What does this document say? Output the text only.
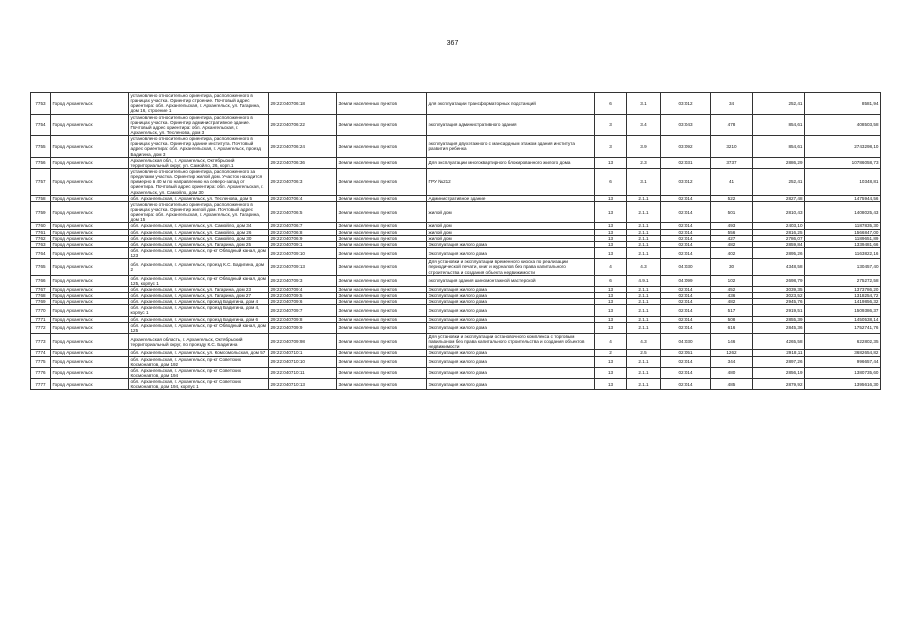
367
7753	Город Архангельск	установлено относительно ориентира, расположенного в границах участка. Ориентир строение. Почтовый адрес ориентира: обл. Архангельская, г. Архангельск, ул. Гагарина, дом 16, строение 1	29:22:040706:18	Земли населенных пунктов	для эксплуатации трансформаторных подстанций	6	3.1	03:012	34	252,41	8581,94
7754	Город Архангельск	установлено относительно ориентира, расположенного в границах участка. Ориентир административное здание. Почтовый адрес ориентира: обл. Архангельская, г. Архангельск, ул. Тесленова, дом 3	29:22:040706:22	Земли населенных пунктов	эксплуатация административного здания	3	3.4	03:043	478	854,61	408503,58
7755	Город Архангельск	установлено относительно ориентира, расположенного в границах участка. Ориентир здание института. Почтовый адрес ориентира: обл. Архангельская, г. Архангельск, проезд Бадигина, дом 3	29:22:040706:24	Земли населенных пунктов	эксплуатация двухэтажного с мансардным этажом здания института развития ребенка	3	3.9	03:092	3210	854,61	2743298,10
7756	Город Архангельск	Архангельская обл., г. Архангельск, Октябрьский территориальный округ, ул. Самойло, 26, корп.1	29:22:040706:36	Земли населенных пунктов	Для эксплуатации многоквартирного блокированного жилого дома	13	2.3	02:031	3737	2886,29	10786058,73
7757	Город Архангельск	установлено относительно ориентира, расположенного за пределами участка. Ориентир жилой дом. Участок находится примерно в 40 м по направлению на северо-запад от ориентира. Почтовый адрес ориентира: обл. Архангельская, г. Архангельск, ул. Самойло, дом 30	29:22:040706:3	Земли населенных пунктов	ГРУ №212	6	3.1	03:012	41	252,41	10348,81
7758	Город Архангельск	обл. Архангельская, г. Архангельск, ул. Тесленова, дом 5	29:22:040706:4	Земли населенных пунктов	Административное здание	13	2.1.1	02:014	522	2827,48	1475944,56
7759	Город Архангельск	установлено относительно ориентира, расположенного в границах участка. Ориентир жилой дом. Почтовый адрес ориентира: обл. Архангельская, г. Архангельск, ул. Гагарина, дом 15	29:22:040706:5	Земли населенных пунктов	жилой дом	13	2.1.1	02:014	501	2810,43	1408025,43
7760	Город Архангельск	обл. Архангельская, г. Архангельск, ул. Самойло, дом 34	29:22:040706:7	Земли населенных пунктов	жилой дом	13	2.1.1	02:014	493	2403,10	1187835,30
7761	Город Архангельск	обл. Архангельская, г. Архангельск, ул. Самойло, дом 26	29:22:040706:8	Земли населенных пунктов	жилой дом	13	2.1.1	02:014	556	2816,25	1566847,00
7762	Город Архангельск	обл. Архангельская, г. Архангельск, ул. Самойло, дом 30	29:22:040706:9	Земли населенных пунктов	жилой дом	13	2.1.1	02:014	427	2786,07	1189651,89
7763	Город Архангельск	обл. Архангельская, г. Архангельск, ул. Гагарина, дом 25	29:22:040709:1	Земли населенных пунктов	Эксплуатация жилого дома	13	2.1.1	02:014	482	2859,84	1339481,66
7764	Город Архангельск	обл. Архангельская, г. Архангельск, пр-кт Обводный канал, дом 123	29:22:040709:10	Земли населенных пунктов	Эксплуатация жилого дома	13	2.1.1	02:014	402	2895,26	1163822,16
7765	Город Архангельск	обл. Архангельская, г. Архангельск, проезд К.С. Бадигина, дом 2	29:22:040709:13	Земли населенных пунктов	Для установки и эксплуатации временного киоска по реализации периодической печати, книг и журналов без права капитального строительства и создания объекта недвижимости	4	4.3	04:030	30	4348,58	130457,40
7766	Город Архангельск	обл. Архангельская, г. Архангельск, пр-кт Обводный канал, дом 125, корпус 1	29:22:040709:3	Земли населенных пунктов	эксплуатация здания шиномонтажной мастерской	6	4.9.1	04:099	102	2698,79	275272,58
7767	Город Архангельск	обл. Архангельская, г. Архангельск, ул. Гагарина, дом 23	29:22:040709:4	Земли населенных пунктов	Эксплуатация жилого дома	13	2.1.1	02:014	452	3039,35	1373786,20
7768	Город Архангельск	обл. Архангельская, г. Архангельск, ул. Гагарина, дом 27	29:22:040709:5	Земли населенных пунктов	Эксплуатация жилого дома	13	2.1.1	02:014	436	3023,52	1318254,72
7769	Город Архангельск	обл. Архангельская, г. Архангельск, проезд Бадигина, дом 4	29:22:040709:6	Земли населенных пунктов	Эксплуатация жилого дома	13	2.1.1	02:014	482	2945,76	1419856,32
7770	Город Архангельск	обл. Архангельская, г. Архангельск, проезд Бадигина, дом 4, корпус 1	29:22:040709:7	Земли населенных пунктов	Эксплуатация жилого дома	13	2.1.1	02:014	517	2919,51	1509386,37
7771	Город Архангельск	обл. Архангельская, г. Архангельск, проезд Бадигина, дом 6	29:22:040709:8	Земли населенных пунктов	Эксплуатация жилого дома	13	2.1.1	02:014	508	2855,39	1450538,14
7772	Город Архангельск	обл. Архангельская, г. Архангельск, пр-кт Обводный канал, дом 125	29:22:040709:9	Земли населенных пунктов	Эксплуатация жилого дома	13	2.1.1	02:014	616	2845,36	1752741,76
7773	Город Архангельск	Архангельская область, г. Архангельск, Октябрьский территориальный округ, по проезду К.С. Бадигина	29:22:040709:98	Земли населенных пунктов	Для установки и эксплуатации остановочного комплекса с торговым павильоном без права капитального строительства и создания объектов недвижимости	4	4.3	04:030	146	4265,58	622802,35
7774	Город Архангельск	обл. Архангельская, г. Архангельск, ул. Комсомольская, дом 57	29:22:040710:1	Земли населенных пунктов	Эксплуатация жилого дома	2	2.5	02:051	1262	2918,11	3682654,82
7775	Город Архангельск	обл. Архангельская, г. Архангельск, пр-кт Советских Космонавтов, дом 192	29:22:040710:10	Земли населенных пунктов	Эксплуатация жилого дома	13	2.1.1	02:014	344	2897,26	996657,44
7776	Город Архангельск	обл. Архангельская, г. Архангельск, пр-кт Советских Космонавтов, дом 194	29:22:040710:11	Земли населенных пунктов	Эксплуатация жилого дома	13	2.1.1	02:014	480	2856,19	1380735,60
7777	Город Архангельск	обл. Архангельская, г. Архангельск, пр-кт Советских Космонавтов, дом 194, корпус 1	29:22:040710:13	Земли населенных пунктов	Эксплуатация жилого дома	13	2.1.1	02:014	485	2879,92	1395616,30
